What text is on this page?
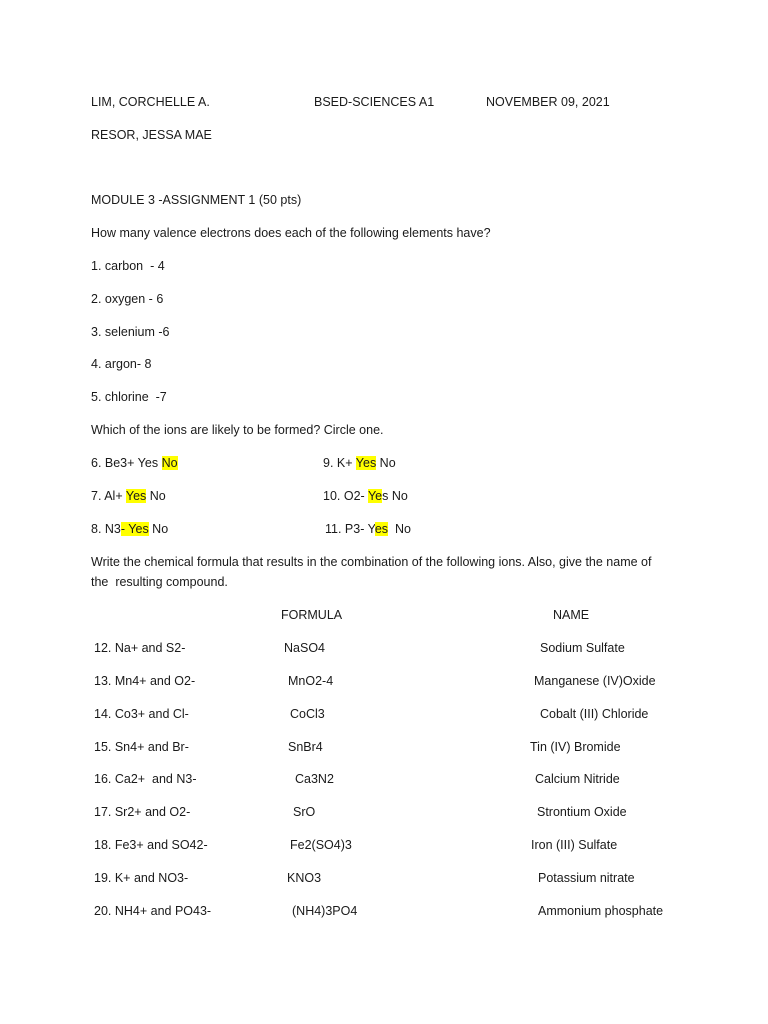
LIM, CORCHELLE A.	BSED-SCIENCES A1	NOVEMBER 09, 2021
RESOR, JESSA MAE
MODULE 3 -ASSIGNMENT 1 (50 pts)
How many valence electrons does each of the following elements have?
1. carbon  - 4
2. oxygen - 6
3. selenium -6
4. argon- 8
5. chlorine  -7
Which of the ions are likely to be formed? Circle one.
6. Be3+ Yes No	9. K+ Yes No
7. Al+ Yes No	10. O2- Yes No
8. N3- Yes No	11. P3- Yes  No
Write the chemical formula that results in the combination of the following ions. Also, give the name of
the  resulting compound.
FORMULA	NAME
12. Na+ and S2-	NaSO4	Sodium Sulfate
13. Mn4+ and O2-	MnO2-4	Manganese (IV)Oxide
14. Co3+ and Cl-	CoCl3	Cobalt (III) Chloride
15. Sn4+ and Br-	SnBr4	Tin (IV) Bromide
16. Ca2+  and N3-	Ca3N2	Calcium Nitride
17. Sr2+ and O2-	SrO	Strontium Oxide
18. Fe3+ and SO42-	Fe2(SO4)3	Iron (III) Sulfate
19. K+ and NO3-	KNO3	Potassium nitrate
20. NH4+ and PO43-	(NH4)3PO4	Ammonium phosphate
